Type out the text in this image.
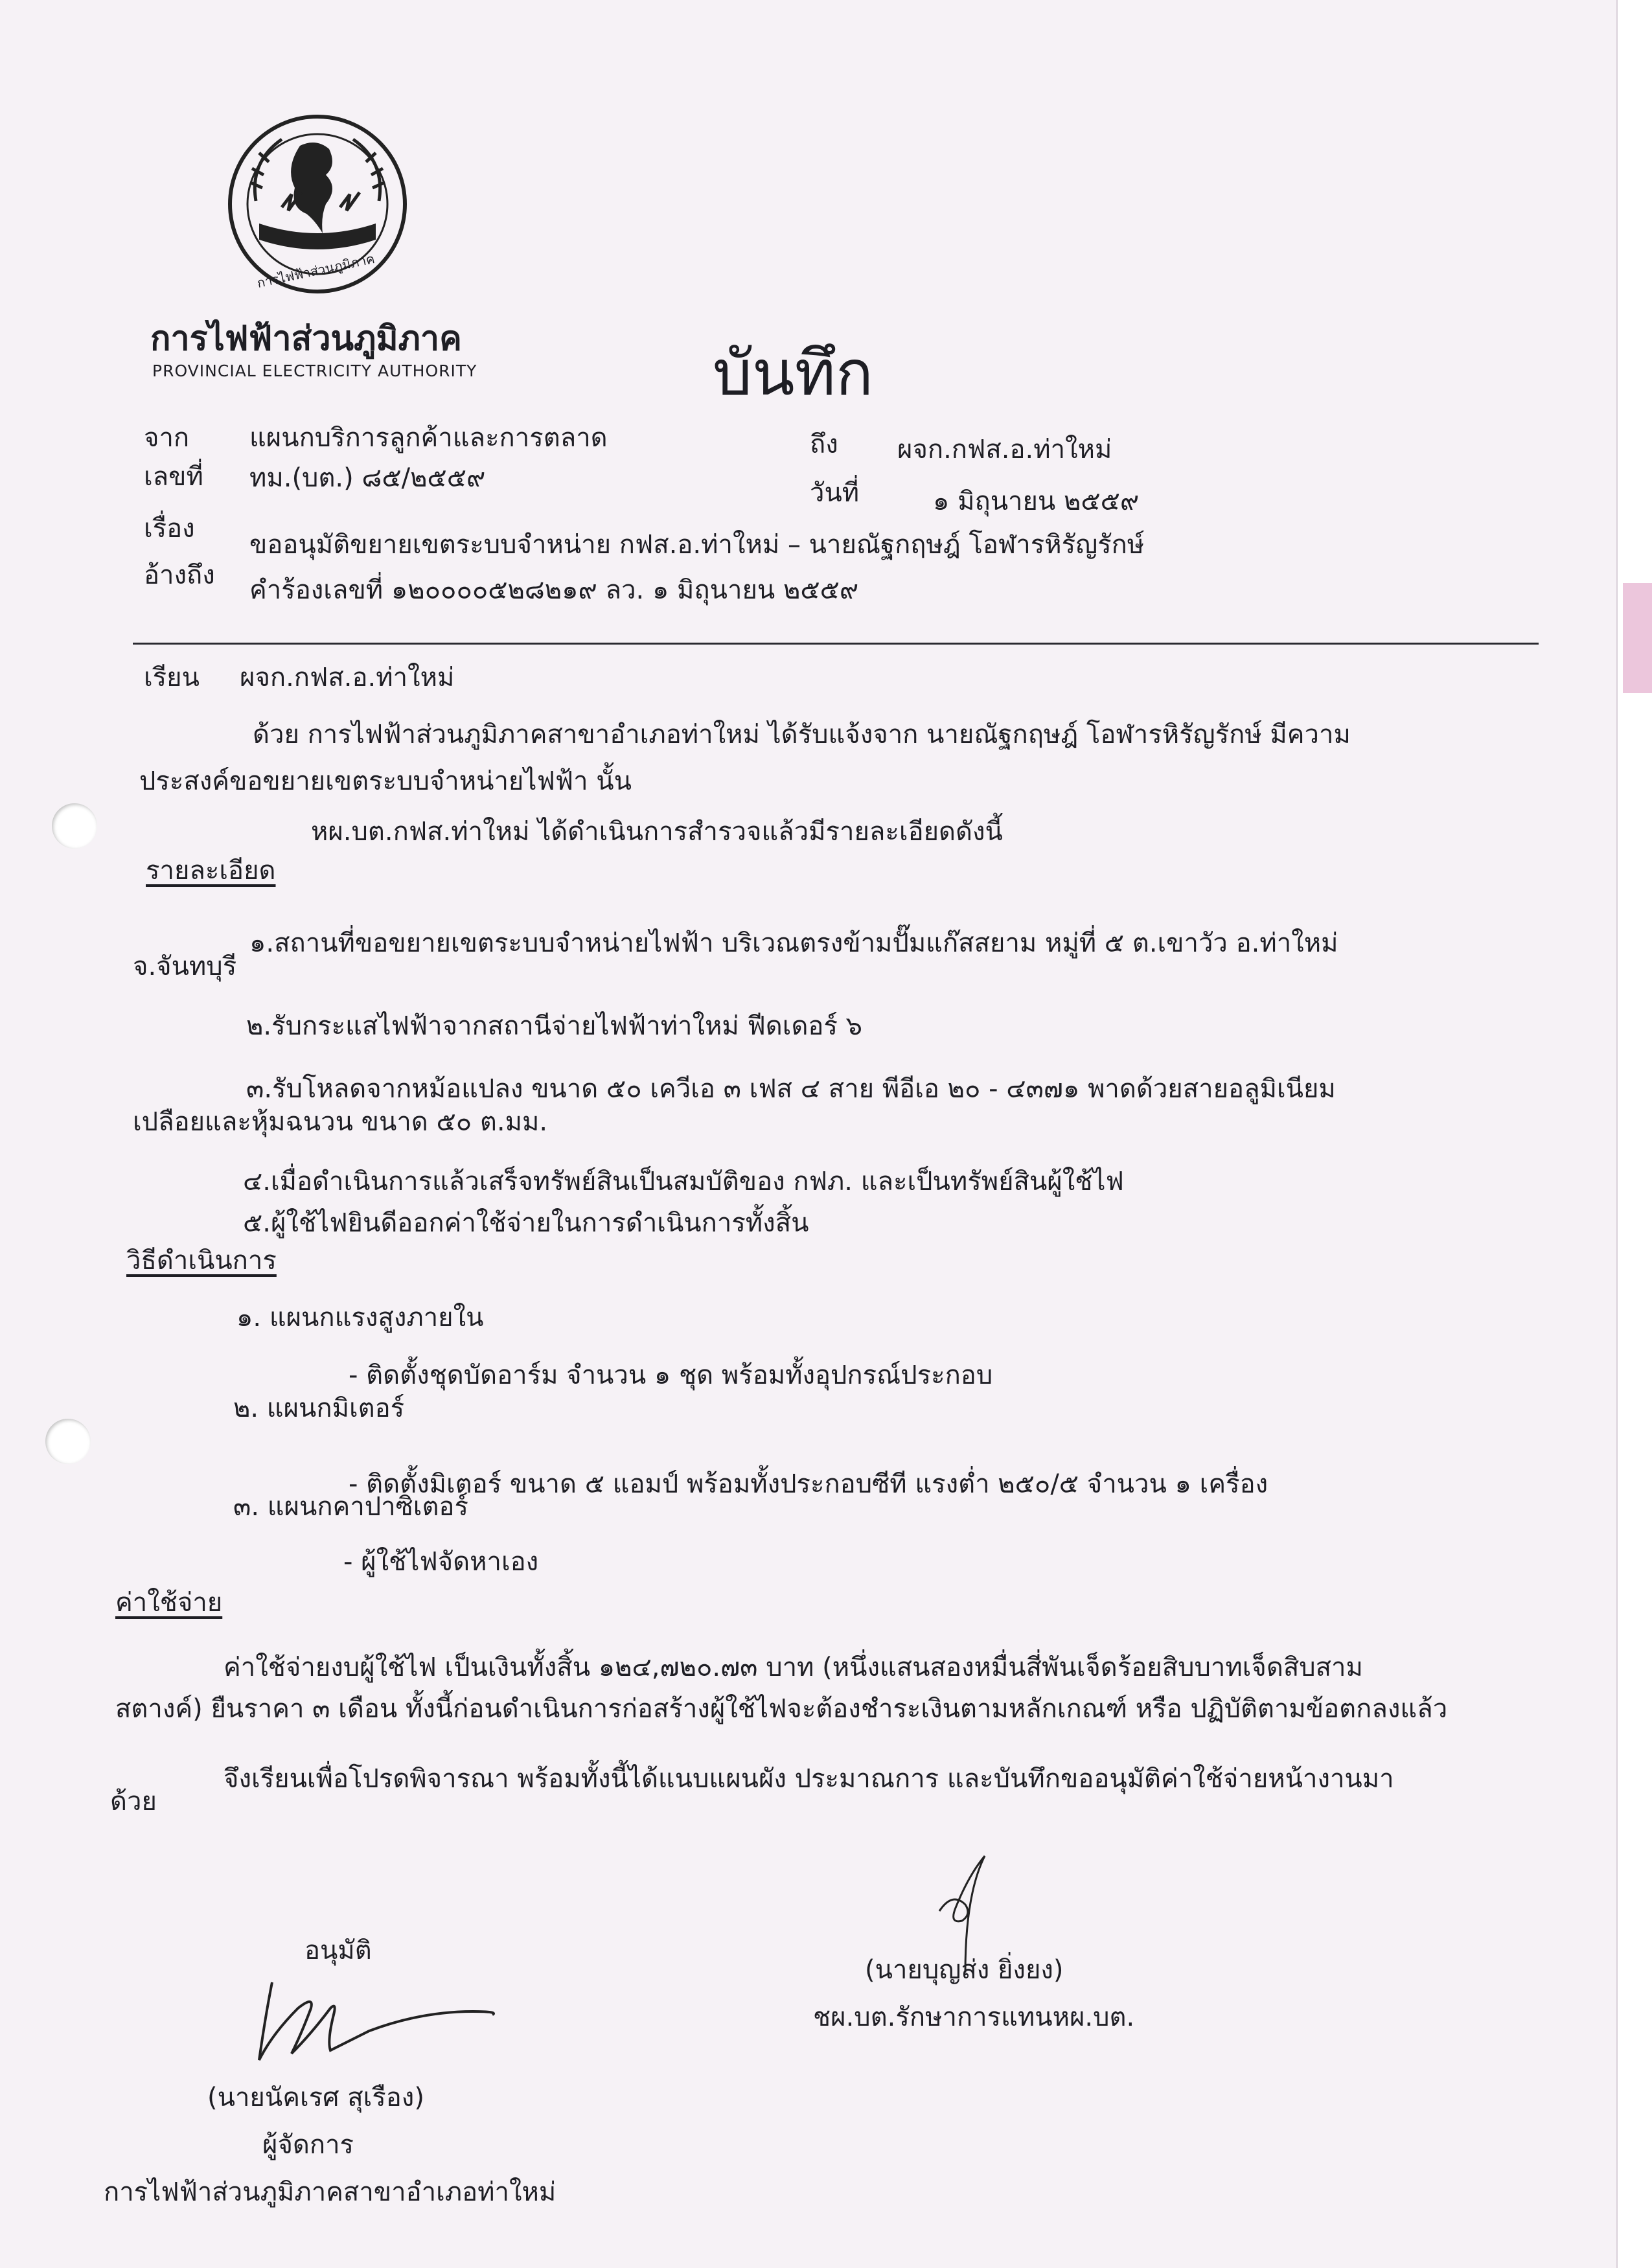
การไฟฟ้าส่วนภูมิภาค
การไฟฟ้าส่วนภูมิภาค
PROVINCIAL ELECTRICITY AUTHORITY	บันทึก
จาก แผนกบริการลูกค้าและการตลาด	ถึง ผจก.กฟส.อ.ท่าใหม่
เลขที่ ทม.(บต.) ๘๕/๒๕๕๙	วันที่	๑ มิถุนายน ๒๕๕๙
เรื่อง
ขออนุมัติขยายเขตระบบจำหน่าย กฟส.อ.ท่าใหม่ – นายณัฐกฤษฎ์ โอฬารหิรัญรักษ์
อ้างถึง คำร้องเลขที่ ๑๒๐๐๐๐๕๒๘๒๑๙ ลว. ๑ มิถุนายน ๒๕๕๙
เรียน ผจก.กฟส.อ.ท่าใหม่
ด้วย การไฟฟ้าส่วนภูมิภาคสาขาอำเภอท่าใหม่ ได้รับแจ้งจาก นายณัฐกฤษฎ์ โอฬารหิรัญรักษ์ มีความ
ประสงค์ขอขยายเขตระบบจำหน่ายไฟฟ้า นั้น
หผ.บต.กฟส.ท่าใหม่ ได้ดำเนินการสำรวจแล้วมีรายละเอียดดังนี้
รายละเอียด
๑.สถานที่ขอขยายเขตระบบจำหน่ายไฟฟ้า บริเวณตรงข้ามปั๊มแก๊สสยาม หมู่ที่ ๕ ต.เขาวัว อ.ท่าใหม่
จ.จันทบุรี
๒.รับกระแสไฟฟ้าจากสถานีจ่ายไฟฟ้าท่าใหม่ ฟีดเดอร์ ๖
๓.รับโหลดจากหม้อแปลง ขนาด ๕๐ เควีเอ ๓ เฟส ๔ สาย พีอีเอ ๒๐ - ๔๓๗๑ พาดด้วยสายอลูมิเนียม
เปลือยและหุ้มฉนวน ขนาด ๕๐ ต.มม.
๔.เมื่อดำเนินการแล้วเสร็จทรัพย์สินเป็นสมบัติของ กฟภ. และเป็นทรัพย์สินผู้ใช้ไฟ
๕.ผู้ใช้ไฟยินดีออกค่าใช้จ่ายในการดำเนินการทั้งสิ้น
วิธีดำเนินการ
๑. แผนกแรงสูงภายใน
- ติดตั้งชุดบัดอาร์ม จำนวน ๑ ชุด พร้อมทั้งอุปกรณ์ประกอบ
๒. แผนกมิเตอร์
- ติดตั้งมิเตอร์ ขนาด ๕ แอมป์ พร้อมทั้งประกอบซีที แรงต่ำ ๒๕๐/๕ จำนวน ๑ เครื่อง
๓. แผนกคาปาซิเตอร์
- ผู้ใช้ไฟจัดหาเอง
ค่าใช้จ่าย
ค่าใช้จ่ายงบผู้ใช้ไฟ เป็นเงินทั้งสิ้น ๑๒๔,๗๒๐.๗๓ บาท (หนึ่งแสนสองหมื่นสี่พันเจ็ดร้อยสิบบาทเจ็ดสิบสาม
สตางค์) ยืนราคา ๓ เดือน ทั้งนี้ก่อนดำเนินการก่อสร้างผู้ใช้ไฟจะต้องชำระเงินตามหลักเกณฑ์ หรือ ปฏิบัติตามข้อตกลงแล้ว
จึงเรียนเพื่อโปรดพิจารณา พร้อมทั้งนี้ได้แนบแผนผัง ประมาณการ และบันทึกขออนุมัติค่าใช้จ่ายหน้างานมา
ด้วย
(นายบุญส่ง ยิ่งยง)
ชผ.บต.รักษาการแทนหผ.บต.
อนุมัติ
(นายนัคเรศ สุเรือง)
ผู้จัดการ
การไฟฟ้าส่วนภูมิภาคสาขาอำเภอท่าใหม่
